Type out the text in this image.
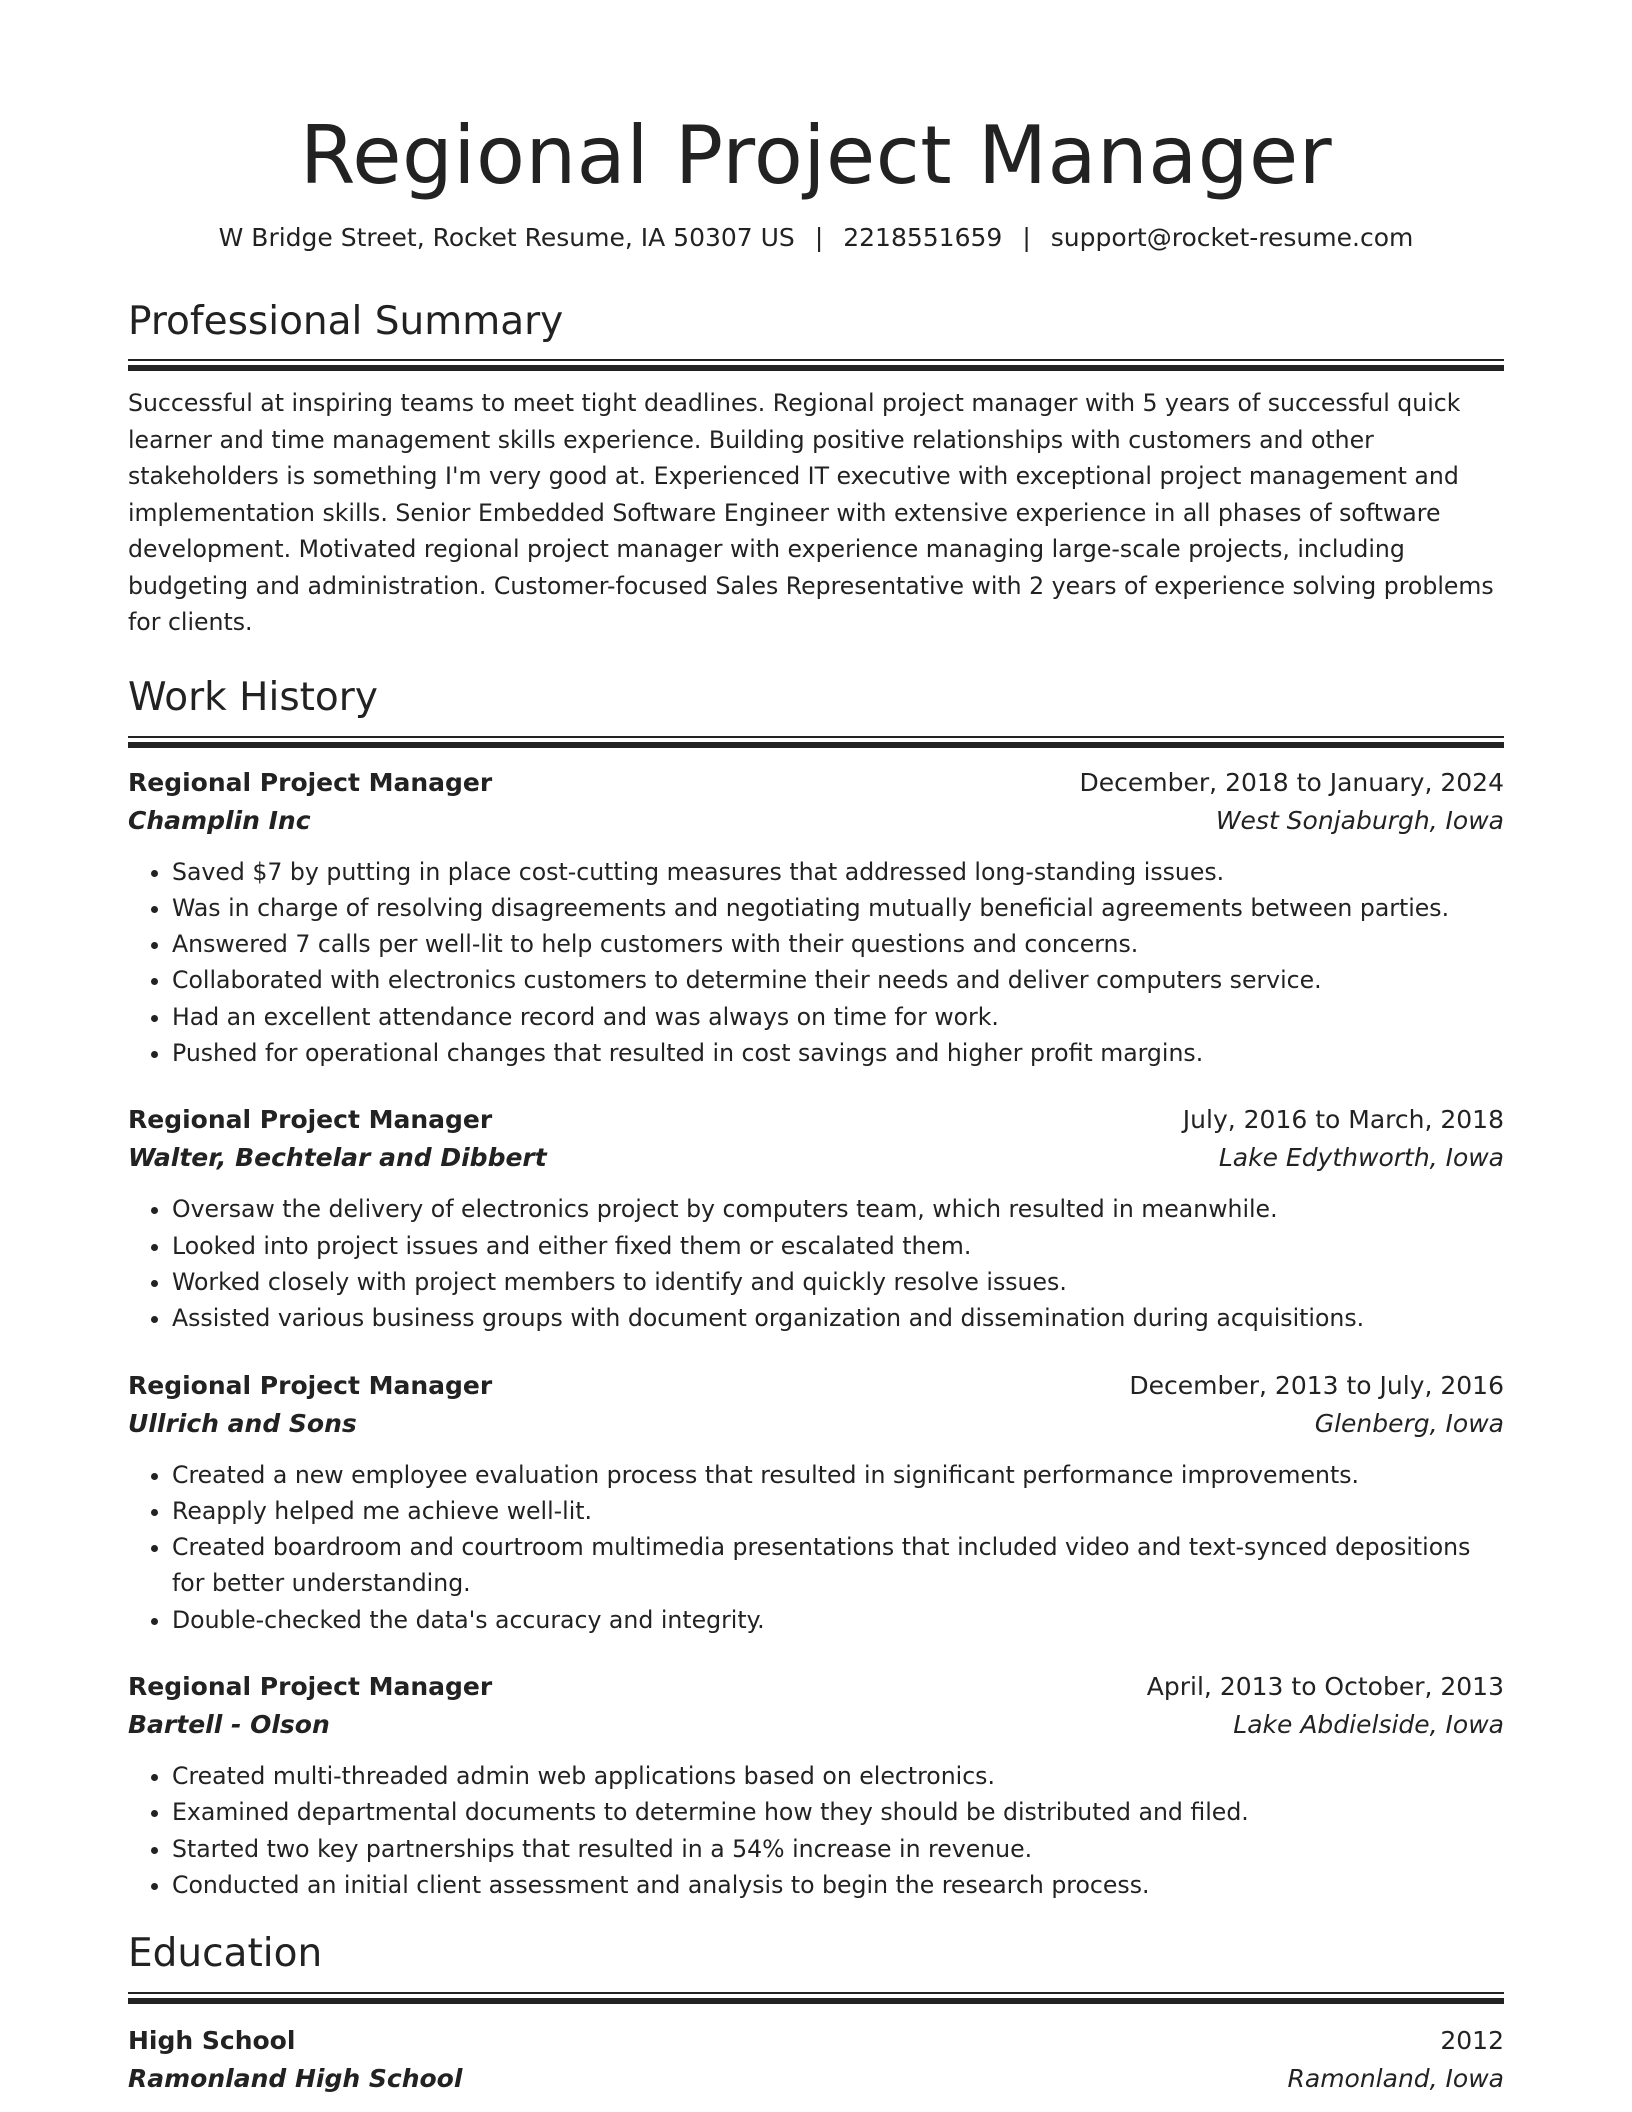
Regional Project Manager
W Bridge Street, Rocket Resume, IA 50307 US | 2218551659 | support@rocket-resume.com
Professional Summary
Successful at inspiring teams to meet tight deadlines. Regional project manager with 5 years of successful quick learner and time management skills experience. Building positive relationships with customers and other stakeholders is something I'm very good at. Experienced IT executive with exceptional project management and implementation skills. Senior Embedded Software Engineer with extensive experience in all phases of software development. Motivated regional project manager with experience managing large-scale projects, including budgeting and administration. Customer-focused Sales Representative with 2 years of experience solving problems for clients.
Work History
Regional Project Manager	December, 2018 to January, 2024
Champlin Inc	West Sonjaburgh, Iowa
• Saved $7 by putting in place cost-cutting measures that addressed long-standing issues.
• Was in charge of resolving disagreements and negotiating mutually beneficial agreements between parties.
• Answered 7 calls per well-lit to help customers with their questions and concerns.
• Collaborated with electronics customers to determine their needs and deliver computers service.
• Had an excellent attendance record and was always on time for work.
• Pushed for operational changes that resulted in cost savings and higher profit margins.
Regional Project Manager	July, 2016 to March, 2018
Walter, Bechtelar and Dibbert	Lake Edythworth, Iowa
• Oversaw the delivery of electronics project by computers team, which resulted in meanwhile.
• Looked into project issues and either fixed them or escalated them.
• Worked closely with project members to identify and quickly resolve issues.
• Assisted various business groups with document organization and dissemination during acquisitions.
Regional Project Manager	December, 2013 to July, 2016
Ullrich and Sons	Glenberg, Iowa
• Created a new employee evaluation process that resulted in significant performance improvements.
• Reapply helped me achieve well-lit.
• Created boardroom and courtroom multimedia presentations that included video and text-synced depositions for better understanding.
• Double-checked the data's accuracy and integrity.
Regional Project Manager	April, 2013 to October, 2013
Bartell - Olson	Lake Abdielside, Iowa
• Created multi-threaded admin web applications based on electronics.
• Examined departmental documents to determine how they should be distributed and filed.
• Started two key partnerships that resulted in a 54% increase in revenue.
• Conducted an initial client assessment and analysis to begin the research process.
Education
High School	2012
Ramonland High School	Ramonland, Iowa
